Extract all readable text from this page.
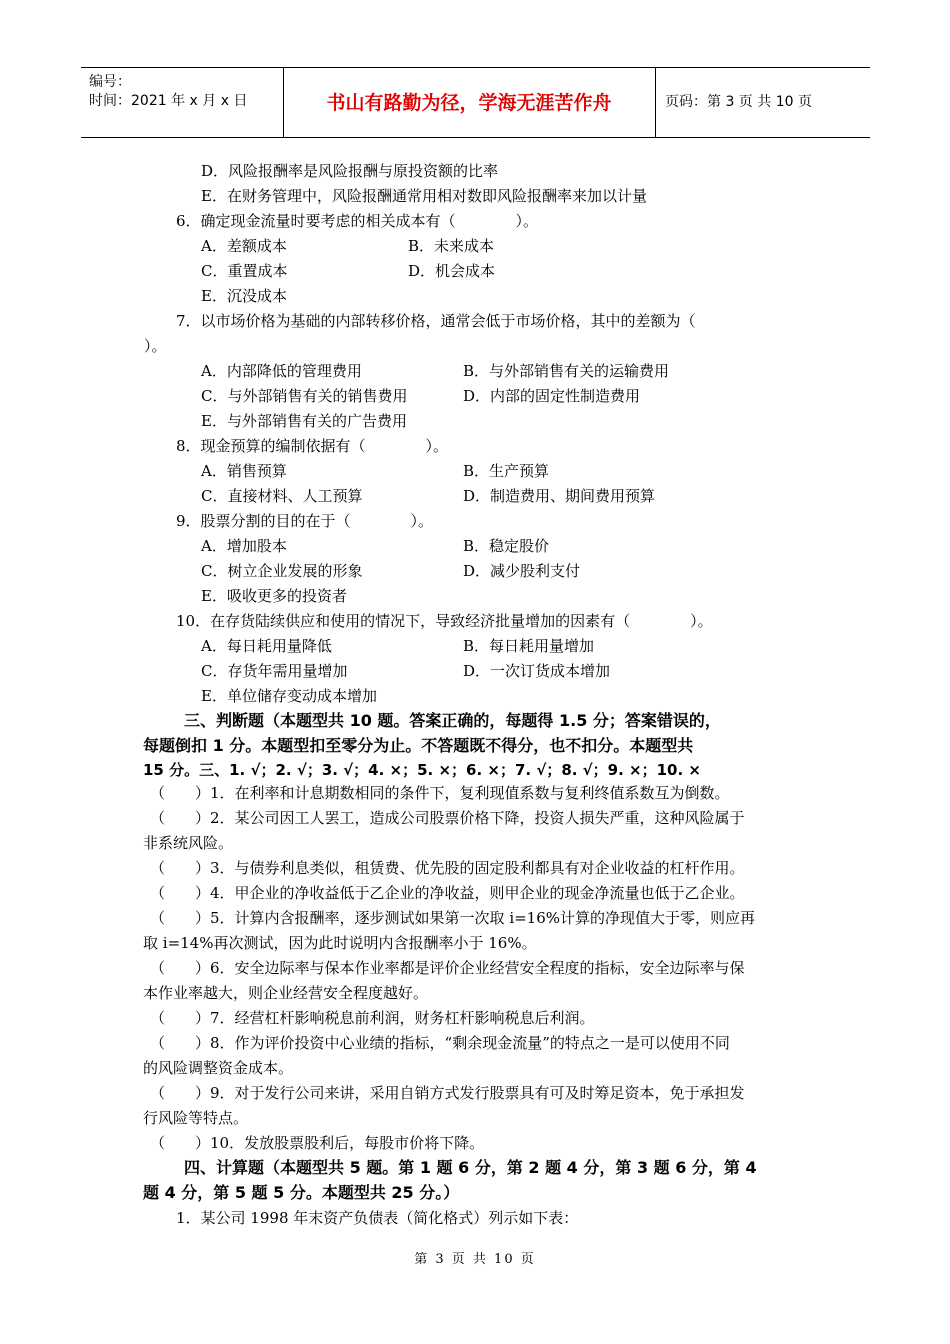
编号：
时间：2021 年 x 月 x 日	书山有路勤为径，学海无涯苦作舟	页码：第 3 页 共 10 页
D．风险报酬率是风险报酬与原投资额的比率
E．在财务管理中，风险报酬通常用相对数即风险报酬率来加以计量
6．确定现金流量时要考虑的相关成本有（　　　　）。
A．差额成本	B．未来成本
C．重置成本	D．机会成本
E．沉没成本
7．以市场价格为基础的内部转移价格，通常会低于市场价格，其中的差额为（
）。
A．内部降低的管理费用	B．与外部销售有关的运输费用
C．与外部销售有关的销售费用	D．内部的固定性制造费用
E．与外部销售有关的广告费用
8．现金预算的编制依据有（　　　　）。
A．销售预算	B．生产预算
C．直接材料、人工预算	D．制造费用、期间费用预算
9．股票分割的目的在于（　　　　）。
A．增加股本	B．稳定股价
C．树立企业发展的形象	D．减少股利支付
E．吸收更多的投资者
10．在存货陆续供应和使用的情况下，导致经济批量增加的因素有（　　　　）。
A．每日耗用量降低	B．每日耗用量增加
C．存货年需用量增加	D．一次订货成本增加
E．单位储存变动成本增加
三、判断题（本题型共 10 题。答案正确的，每题得 1.5 分；答案错误的，
每题倒扣 1 分。本题型扣至零分为止。不答题既不得分，也不扣分。本题型共
15 分。三、1. √；2. √；3. √；4. ×；5. ×；6. ×；7. √；8. √；9. ×；10. ×
（　　）1．在利率和计息期数相同的条件下，复利现值系数与复利终值系数互为倒数。
（　　）2．某公司因工人罢工，造成公司股票价格下降，投资人损失严重，这种风险属于
非系统风险。
（　　）3．与债券利息类似，租赁费、优先股的固定股利都具有对企业收益的杠杆作用。
（　　）4．甲企业的净收益低于乙企业的净收益，则甲企业的现金净流量也低于乙企业。
（　　）5．计算内含报酬率，逐步测试如果第一次取 i=16%计算的净现值大于零，则应再
取 i=14%再次测试，因为此时说明内含报酬率小于 16%。
（　　）6．安全边际率与保本作业率都是评价企业经营安全程度的指标，安全边际率与保
本作业率越大，则企业经营安全程度越好。
（　　）7．经营杠杆影响税息前利润，财务杠杆影响税息后利润。
（　　）8．作为评价投资中心业绩的指标，“剩余现金流量”的特点之一是可以使用不同
的风险调整资金成本。
（　　）9．对于发行公司来讲，采用自销方式发行股票具有可及时筹足资本，免于承担发
行风险等特点。
（　　）10．发放股票股利后，每股市价将下降。
四、计算题（本题型共 5 题。第 1 题 6 分，第 2 题 4 分，第 3 题 6 分，第 4
题 4 分，第 5 题 5 分。本题型共 25 分。）
1．某公司 1998 年末资产负债表（简化格式）列示如下表：
第 3 页 共 10 页
